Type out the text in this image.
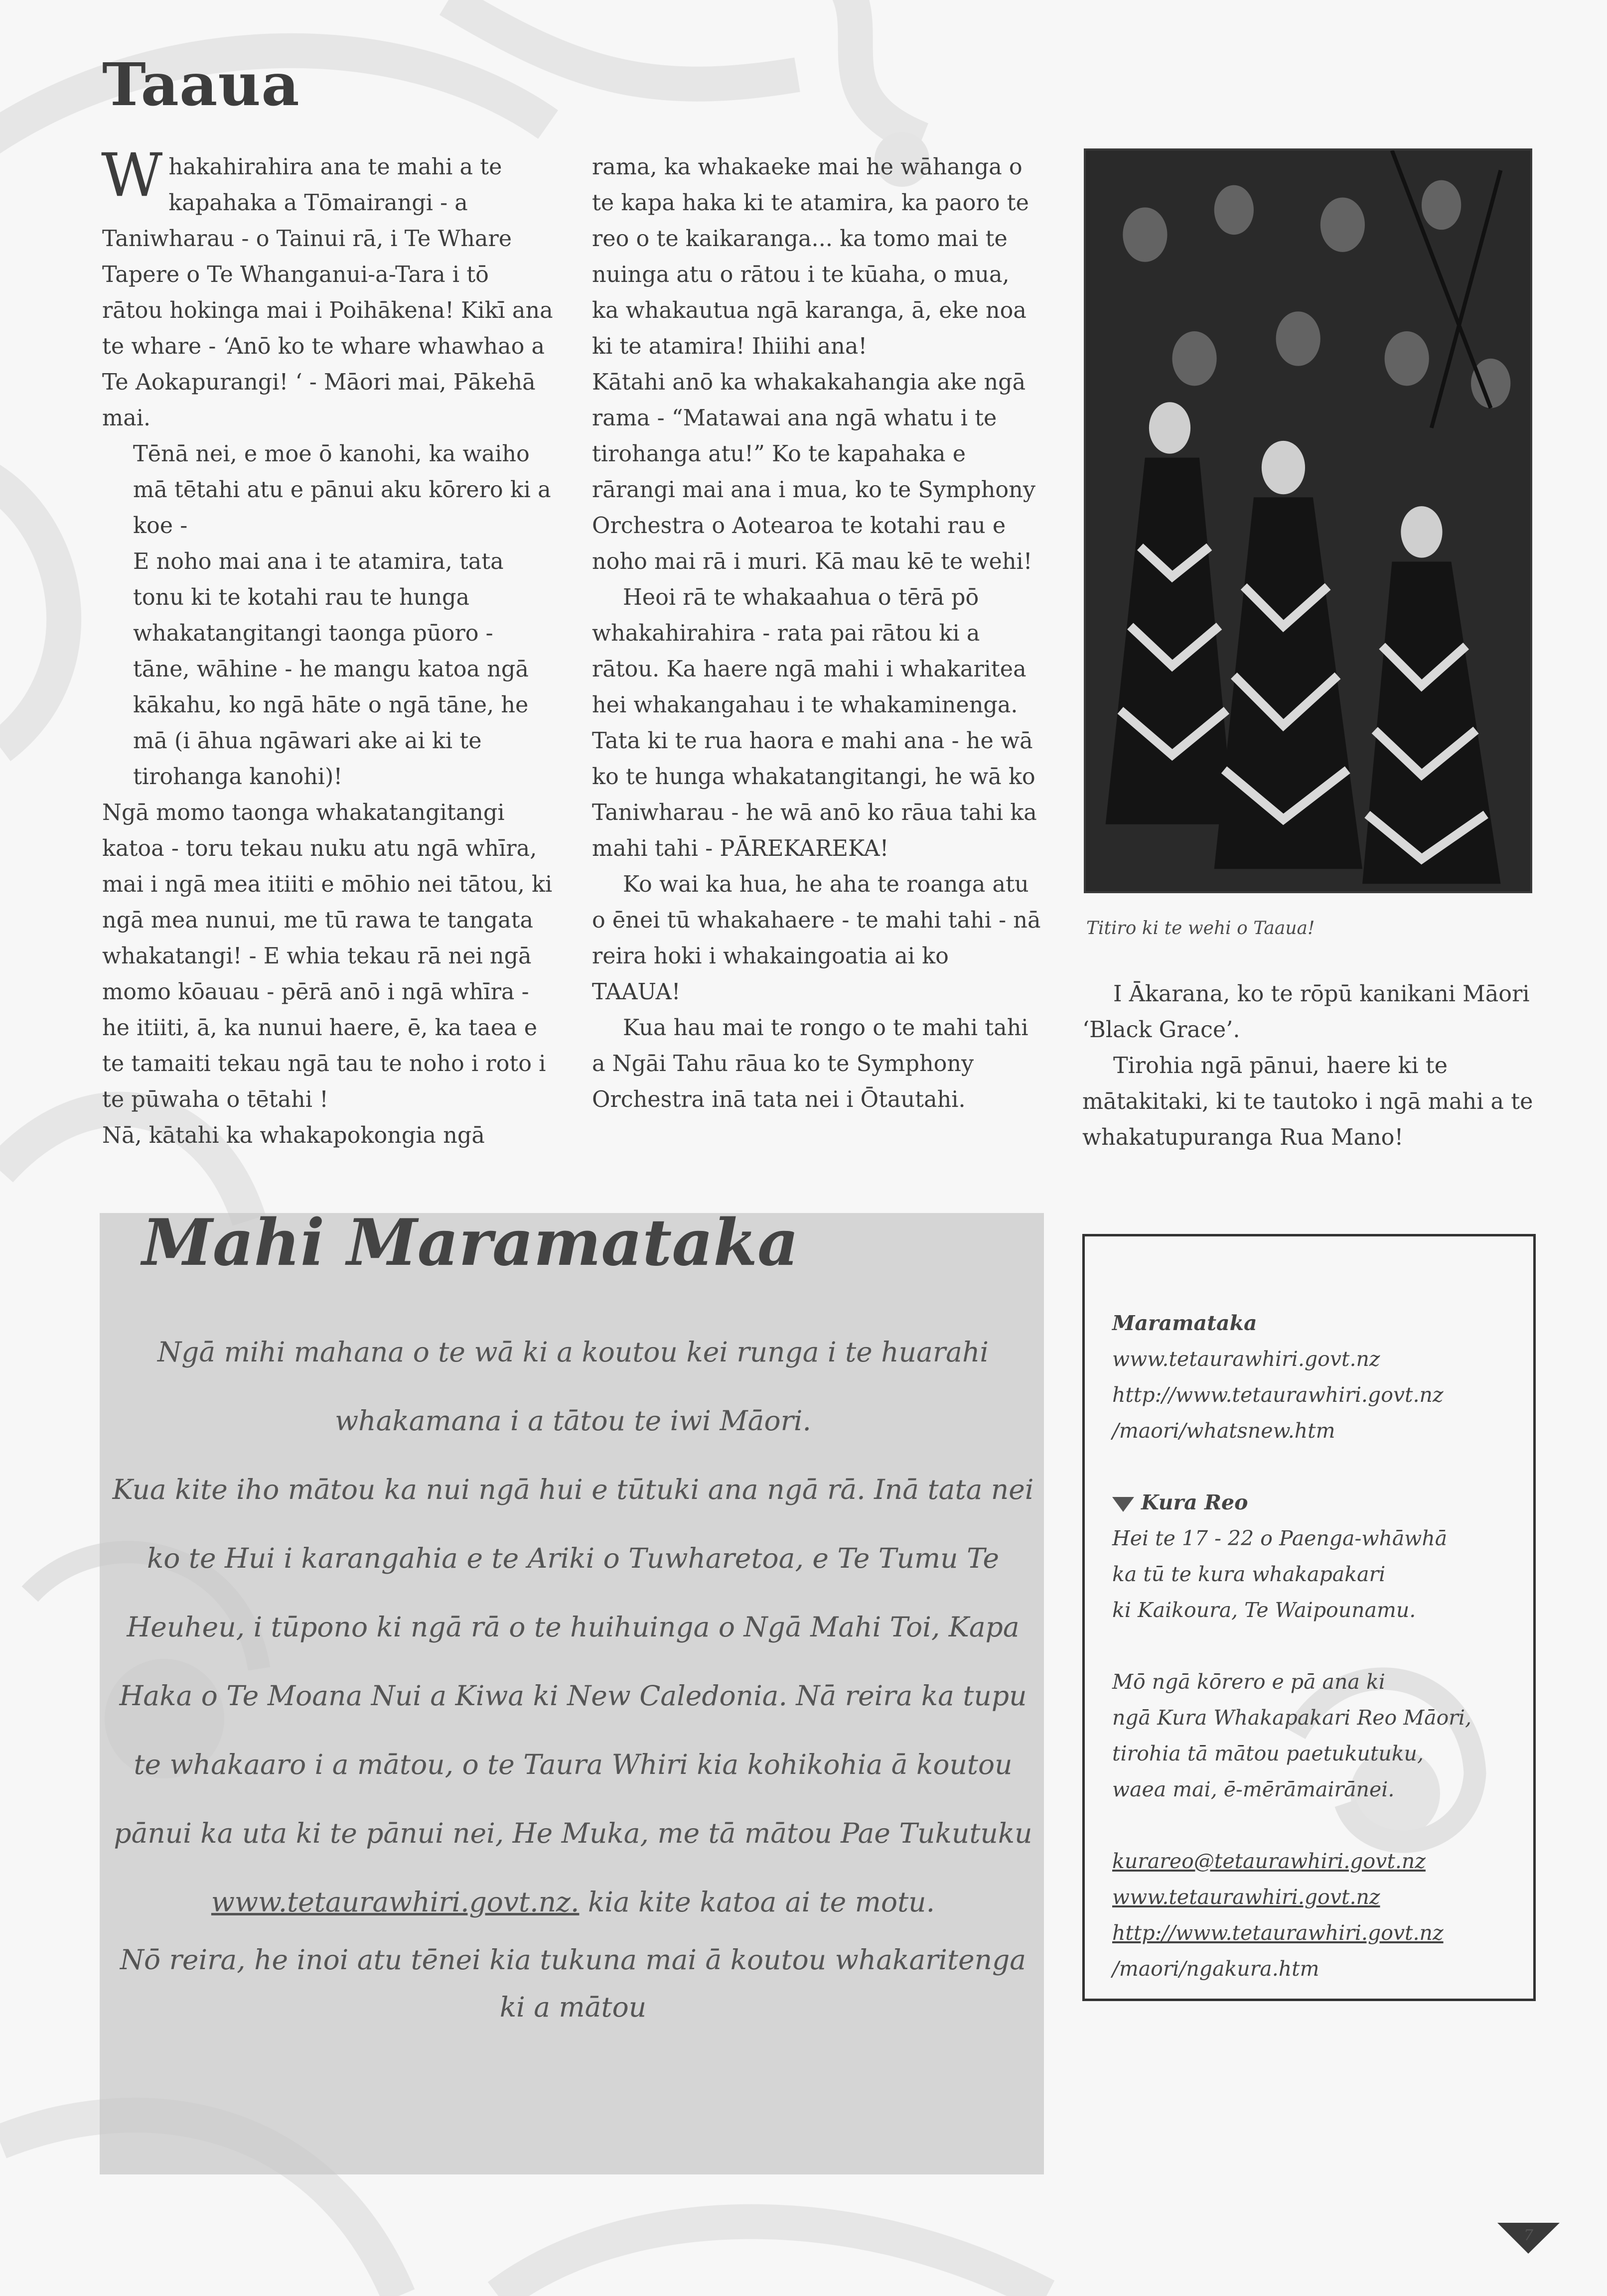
Taaua

Whakahirahira ana te mahi a te kapahaka a Tōmairangi - a Taniwharau - o Tainui rā, i Te Whare Tapere o Te Whanganui-a-Tara i tō rātou hokinga mai i Poihākena! Kikī ana te whare - ‘Anō ko te whare whawhao a Te Aokapurangi! ‘ - Māori mai, Pākehā mai.

Tēnā nei, e moe ō kanohi, ka waiho mā tētahi atu e pānui aku kōrero ki a koe -

E noho mai ana i te atamira, tata tonu ki te kotahi rau te hunga whakatangitangi taonga pūoro - tāne, wāhine - he mangu katoa ngā kākahu, ko ngā hāte o ngā tāne, he mā (i āhua ngāwari ake ai ki te tirohanga kanohi)!

Ngā momo taonga whakatangitangi katoa - toru tekau nuku atu ngā whīra, mai i ngā mea itiiti e mōhio nei tātou, ki ngā mea nunui, me tū rawa te tangata whakatangi! - E whia tekau rā nei ngā momo kōauau - pērā anō i ngā whīra - he itiiti, ā, ka nunui haere, ē, ka taea e te tamaiti tekau ngā tau te noho i roto i te pūwaha o tētahi !

Nā, kātahi ka whakapokongia ngā

rama, ka whakaeke mai he wāhanga o te kapa haka ki te atamira, ka paoro te reo o te kaikaranga... ka tomo mai te nuinga atu o rātou i te kūaha, o mua, ka whakautua ngā karanga, ā, eke noa ki te atamira! Ihiihi ana!

Kātahi anō ka whakakahangia ake ngā rama - “Matawai ana ngā whatu i te tirohanga atu!” Ko te kapahaka e rārangi mai ana i mua, ko te Symphony Orchestra o Aotearoa te kotahi rau e noho mai rā i muri. Kā mau kē te wehi!

Heoi rā te whakaahua o tērā pō whakahirahira - rata pai rātou ki a rātou. Ka haere ngā mahi i whakaritea hei whakangahau i te whakaminenga. Tata ki te rua haora e mahi ana - he wā ko te hunga whakatangitangi, he wā ko Taniwharau - he wā anō ko rāua tahi ka mahi tahi - PĀREKAREKA!

Ko wai ka hua, he aha te roanga atu o ēnei tū whakahaere - te mahi tahi - nā reira hoki i whakaingoatia ai ko TAAUA!

Kua hau mai te rongo o te mahi tahi a Ngāi Tahu rāua ko te Symphony Orchestra inā tata nei i Ōtautahi.

Titiro ki te wehi o Taaua!

I Ākarana, ko te rōpū kanikani Māori ‘Black Grace’.

Tirohia ngā pānui, haere ki te mātakitaki, ki te tautoko i ngā mahi a te whakatupuranga Rua Mano!

Mahi Maramataka

Ngā mihi mahana o te wā ki a koutou kei runga i te huarahi whakamana i a tātou te iwi Māori.

Kua kite iho mātou ka nui ngā hui e tūtuki ana ngā rā. Inā tata nei ko te Hui i karangahia e te Ariki o Tuwharetoa, e Te Tumu Te Heuheu, i tūpono ki ngā rā o te huihuinga o Ngā Mahi Toi, Kapa Haka o Te Moana Nui a Kiwa ki New Caledonia. Nā reira ka tupu te whakaaro i a mātou, o te Taura Whiri kia kohikohia ā koutou pānui ka uta ki te pānui nei, He Muka, me tā mātou Pae Tukutuku www.tetaurawhiri.govt.nz. kia kite katoa ai te motu.

Nō reira, he inoi atu tēnei kia tukuna mai ā koutou whakaritenga ki a mātou

Maramataka

www.tetaurawhiri.govt.nz

http://www.tetaurawhiri.govt.nz

/maori/whatsnew.htm

Kura Reo

Hei te 17 - 22 o Paenga-whāwhā

ka tū te kura whakapakari

ki Kaikoura, Te Waipounamu.

Mō ngā kōrero e pā ana ki

ngā Kura Whakapakari Reo Māori,

tirohia tā mātou paetukutuku,

waea mai, ē-mērāmairānei.

kurareo@tetaurawhiri.govt.nz

www.tetaurawhiri.govt.nz

http://www.tetaurawhiri.govt.nz

/maori/ngakura.htm

7
